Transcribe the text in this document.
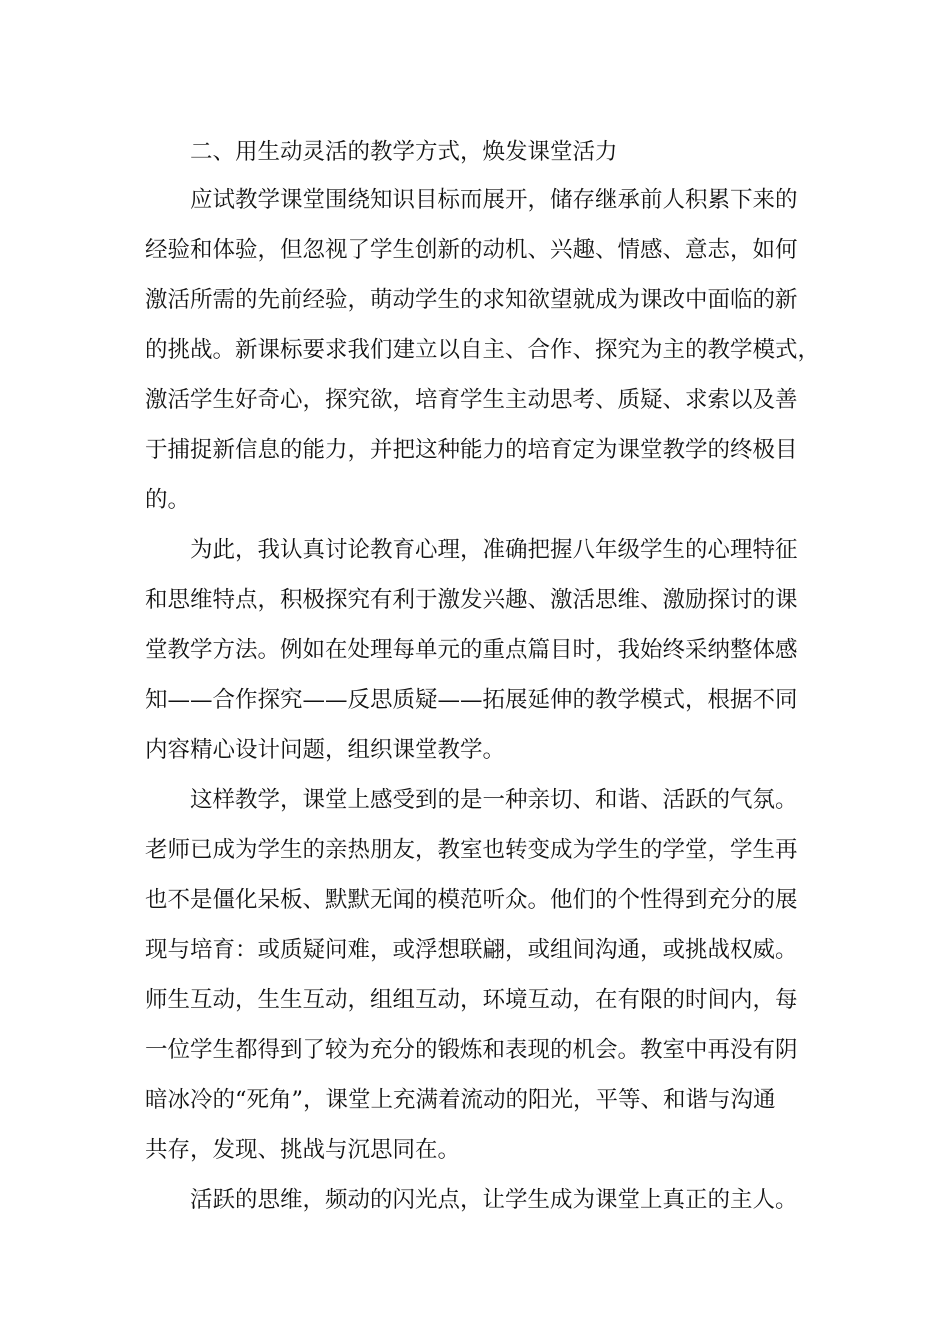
二、用生动灵活的教学方式，焕发课堂活力
应试教学课堂围绕知识目标而展开，储存继承前人积累下来的
经验和体验，但忽视了学生创新的动机、兴趣、情感、意志，如何
激活所需的先前经验，萌动学生的求知欲望就成为课改中面临的新
的挑战。新课标要求我们建立以自主、合作、探究为主的教学模式，
激活学生好奇心，探究欲，培育学生主动思考、质疑、求索以及善
于捕捉新信息的能力，并把这种能力的培育定为课堂教学的终极目
的。
为此，我认真讨论教育心理，准确把握八年级学生的心理特征
和思维特点，积极探究有利于激发兴趣、激活思维、激励探讨的课
堂教学方法。例如在处理每单元的重点篇目时，我始终采纳整体感
知——合作探究——反思质疑——拓展延伸的教学模式，根据不同
内容精心设计问题，组织课堂教学。
这样教学，课堂上感受到的是一种亲切、和谐、活跃的气氛。
老师已成为学生的亲热朋友，教室也转变成为学生的学堂，学生再
也不是僵化呆板、默默无闻的模范听众。他们的个性得到充分的展
现与培育：或质疑问难，或浮想联翩，或组间沟通，或挑战权威。
师生互动，生生互动，组组互动，环境互动，在有限的时间内，每
一位学生都得到了较为充分的锻炼和表现的机会。教室中再没有阴
暗冰冷的“死角”，课堂上充满着流动的阳光，平等、和谐与沟通
共存，发现、挑战与沉思同在。
活跃的思维，频动的闪光点，让学生成为课堂上真正的主人。
